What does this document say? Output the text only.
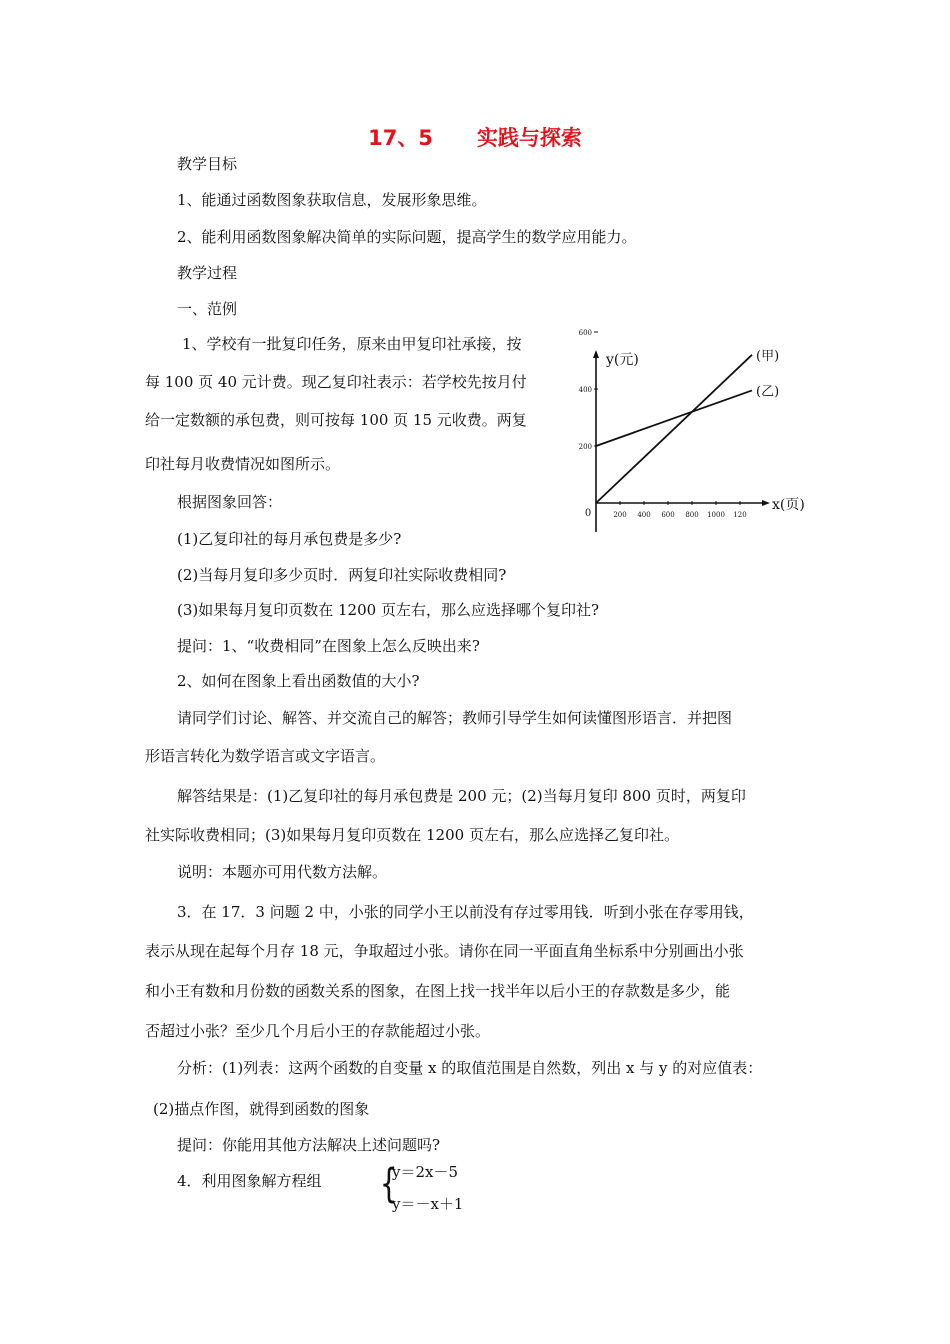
17、5 实践与探索
教学目标
1、能通过函数图象获取信息，发展形象思维。
2、能利用函数图象解决简单的实际问题，提高学生的数学应用能力。
教学过程
一、范例
1、学校有一批复印任务，原来由甲复印社承接，按
每 100 页 40 元计费。现乙复印社表示：若学校先按月付
给一定数额的承包费，则可按每 100 页 15 元收费。两复
印社每月收费情况如图所示。
根据图象回答：
(1)乙复印社的每月承包费是多少?
(2)当每月复印多少页时．两复印社实际收费相同?
(3)如果每月复印页数在 1200 页左右，那么应选择哪个复印社?
提问：1、“收费相同”在图象上怎么反映出来?
2、如何在图象上看出函数值的大小?
请同学们讨论、解答、并交流自己的解答；教师引导学生如何读懂图形语言．并把图
形语言转化为数学语言或文字语言。
解答结果是：(1)乙复印社的每月承包费是 200 元；(2)当每月复印 800 页时，两复印
社实际收费相同；(3)如果每月复印页数在 1200 页左右，那么应选择乙复印社。
说明：本题亦可用代数方法解。
3．在 17．3 问题 2 中，小张的同学小王以前没有存过零用钱．听到小张在存零用钱，
表示从现在起每个月存 18 元，争取超过小张。请你在同一平面直角坐标系中分别画出小张
和小王有数和月份数的函数关系的图象，在图上找一找半年以后小王的存款数是多少，能
否超过小张？至少几个月后小王的存款能超过小张。
分析：(1)列表：这两个函数的自变量 x 的取值范围是自然数，列出 x 与 y 的对应值表：
(2)描点作图，就得到函数的图象
提问：你能用其他方法解决上述问题吗?
4．利用图象解方程组 {
y＝2x－5
y＝－x＋1
200 400 600 800 1000 120
200
400
600
0
y(元)
x(页)
(甲)
(乙)
